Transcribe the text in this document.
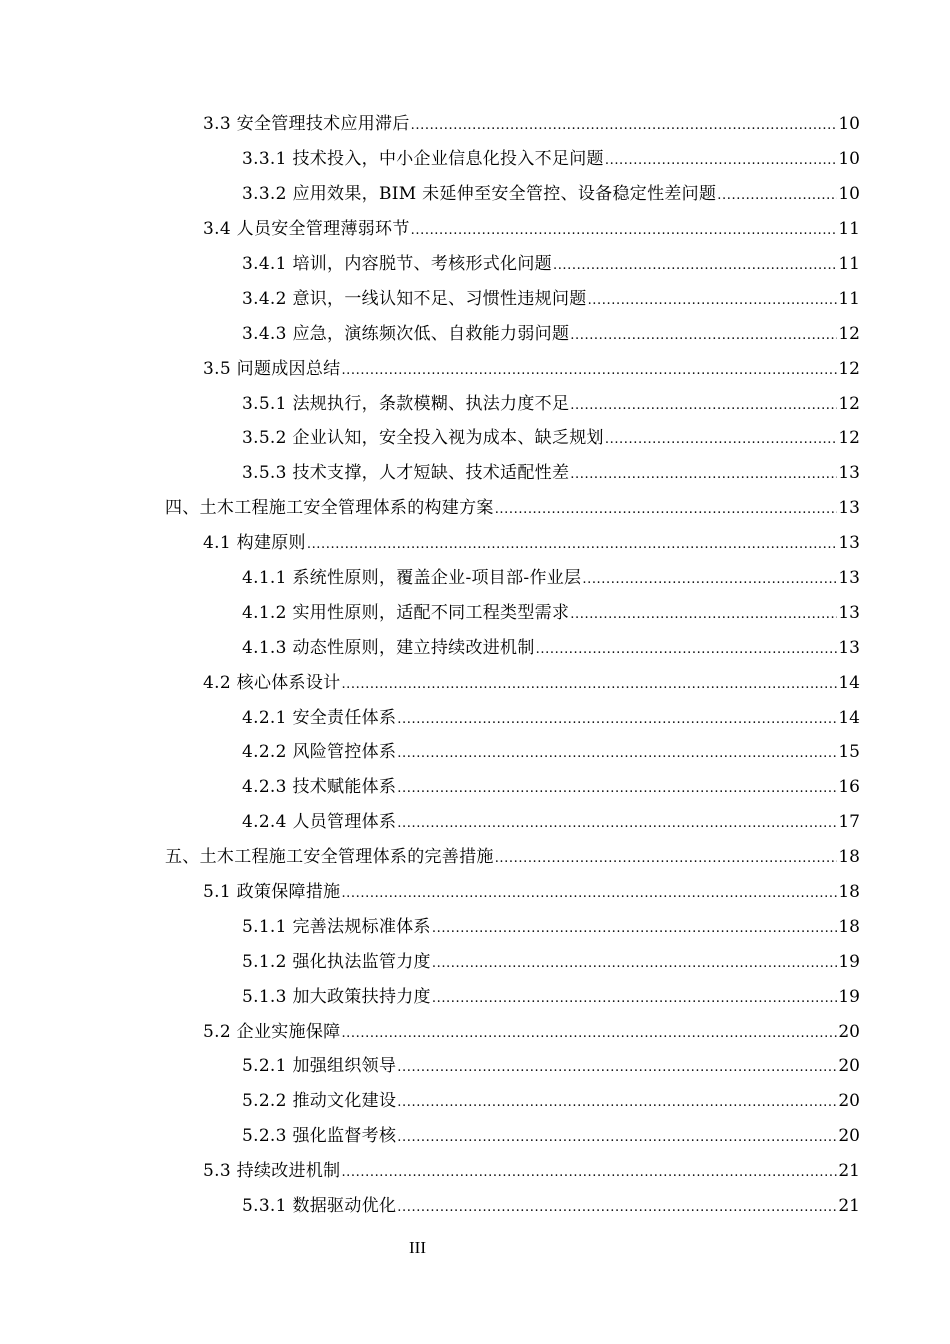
3.3 安全管理技术应用滞后 .....	10
3.3.1 技术投入，中小企业信息化投入不足问题 .....	10
3.3.2 应用效果，BIM 未延伸至安全管控、设备稳定性差问题 .....	10
3.4 人员安全管理薄弱环节 .....	11
3.4.1 培训，内容脱节、考核形式化问题 .....	11
3.4.2 意识，一线认知不足、习惯性违规问题 .....	11
3.4.3 应急，演练频次低、自救能力弱问题 .....	12
3.5 问题成因总结 .....	12
3.5.1 法规执行，条款模糊、执法力度不足 .....	12
3.5.2 企业认知，安全投入视为成本、缺乏规划 .....	12
3.5.3 技术支撑，人才短缺、技术适配性差 .....	13
四、土木工程施工安全管理体系的构建方案 .....	13
4.1 构建原则 .....	13
4.1.1 系统性原则，覆盖企业-项目部-作业层 .....	13
4.1.2 实用性原则，适配不同工程类型需求 .....	13
4.1.3 动态性原则，建立持续改进机制 .....	13
4.2 核心体系设计 .....	14
4.2.1 安全责任体系 .....	14
4.2.2 风险管控体系 .....	15
4.2.3 技术赋能体系 .....	16
4.2.4 人员管理体系 .....	17
五、土木工程施工安全管理体系的完善措施 .....	18
5.1 政策保障措施 .....	18
5.1.1 完善法规标准体系 .....	18
5.1.2 强化执法监管力度 .....	19
5.1.3 加大政策扶持力度 .....	19
5.2 企业实施保障 .....	20
5.2.1 加强组织领导 .....	20
5.2.2 推动文化建设 .....	20
5.2.3 强化监督考核 .....	20
5.3 持续改进机制 .....	21
5.3.1 数据驱动优化 .....	21
III
